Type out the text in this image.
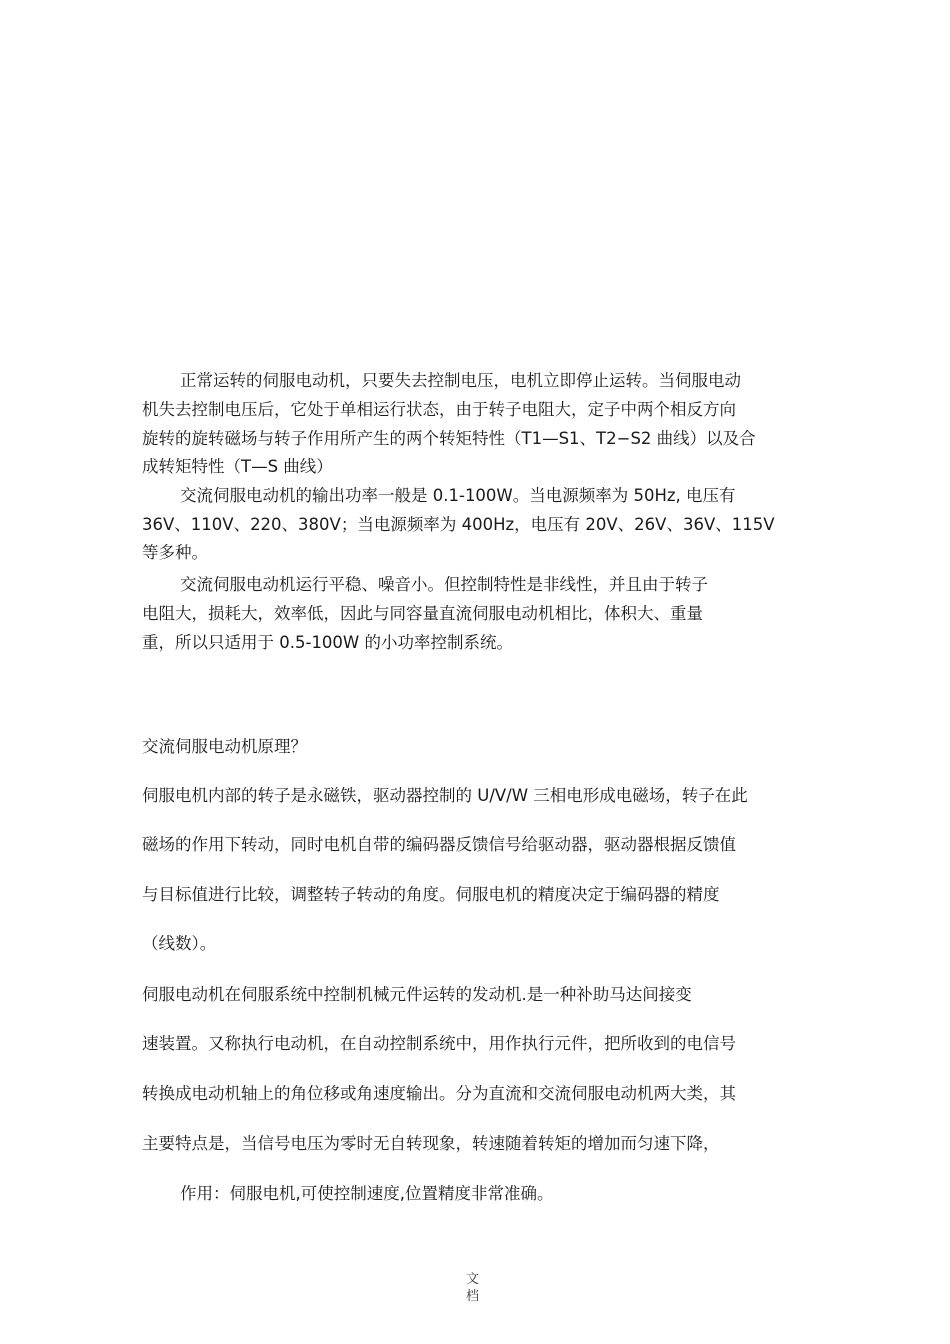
正常运转的伺服电动机，只要失去控制电压，电机立即停止运转。当伺服电动
机失去控制电压后，它处于单相运行状态，由于转子电阻大，定子中两个相反方向
旋转的旋转磁场与转子作用所产生的两个转矩特性（T1—S1、T2−S2 曲线）以及合
成转矩特性（T—S 曲线）
交流伺服电动机的输出功率一般是 0.1-100W。当电源频率为 50Hz, 电压有
36V、110V、220、380V；当电源频率为 400Hz，电压有 20V、26V、36V、115V
等多种。
交流伺服电动机运行平稳、噪音小。但控制特性是非线性，并且由于转子
电阻大，损耗大，效率低，因此与同容量直流伺服电动机相比，体积大、重量
重，所以只适用于 0.5-100W 的小功率控制系统。
交流伺服电动机原理？
伺服电机内部的转子是永磁铁，驱动器控制的 U/V/W 三相电形成电磁场，转子在此
磁场的作用下转动，同时电机自带的编码器反馈信号给驱动器，驱动器根据反馈值
与目标值进行比较，调整转子转动的角度。伺服电机的精度决定于编码器的精度
（线数）。
伺服电动机在伺服系统中控制机械元件运转的发动机.是一种补助马达间接变
速装置。又称执行电动机，在自动控制系统中，用作执行元件，把所收到的电信号
转换成电动机轴上的角位移或角速度输出。分为直流和交流伺服电动机两大类，其
主要特点是，当信号电压为零时无自转现象，转速随着转矩的增加而匀速下降，
作用：伺服电机,可使控制速度,位置精度非常准确。
文
档
